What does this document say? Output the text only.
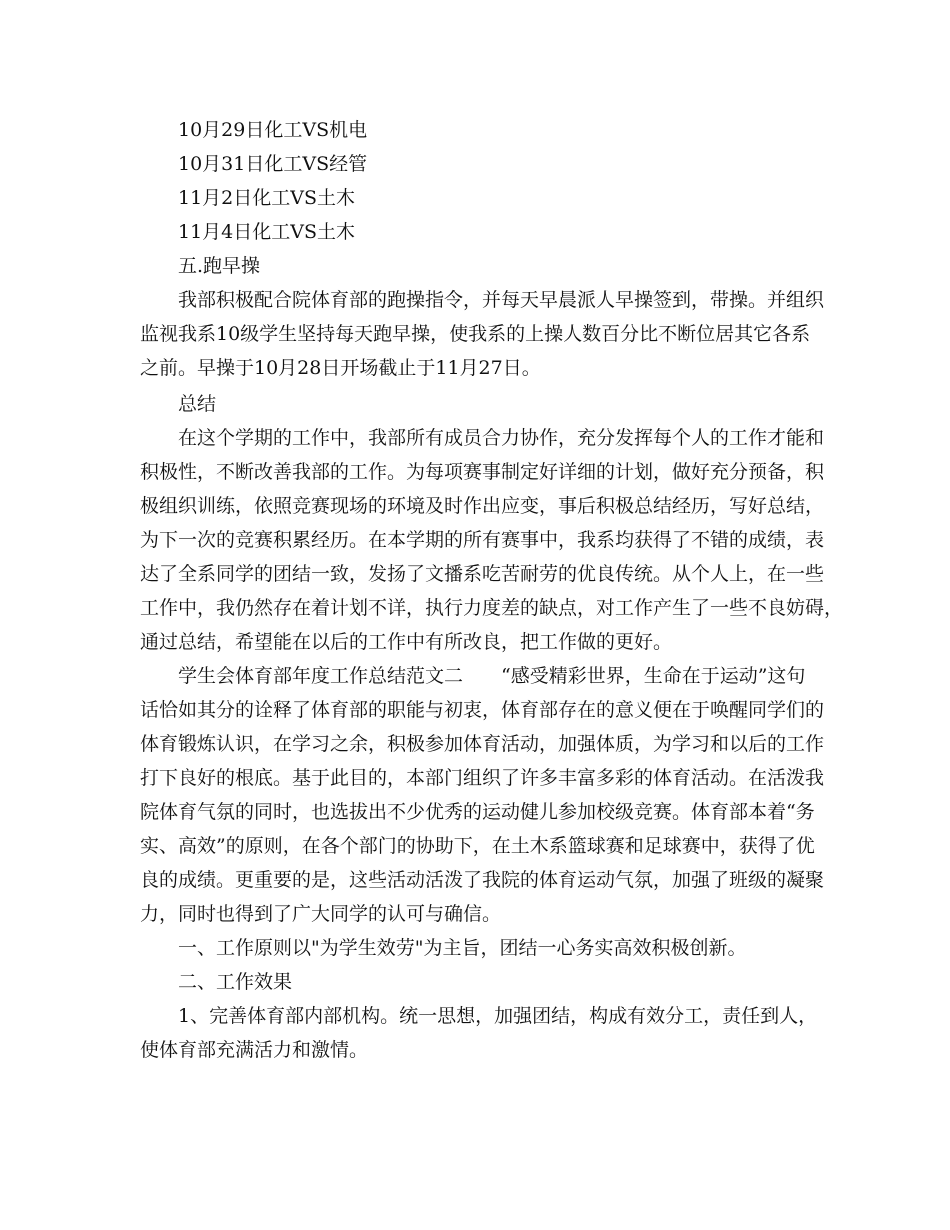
10月29日化工VS机电
10月31日化工VS经管
11月2日化工VS土木
11月4日化工VS土木
五.跑早操
我部积极配合院体育部的跑操指令，并每天早晨派人早操签到，带操。并组织
监视我系10级学生坚持每天跑早操，使我系的上操人数百分比不断位居其它各系
之前。早操于10月28日开场截止于11月27日。
总结
在这个学期的工作中，我部所有成员合力协作，充分发挥每个人的工作才能和
积极性，不断改善我部的工作。为每项赛事制定好详细的计划，做好充分预备，积
极组织训练，依照竞赛现场的环境及时作出应变，事后积极总结经历，写好总结，
为下一次的竞赛积累经历。在本学期的所有赛事中，我系均获得了不错的成绩，表
达了全系同学的团结一致，发扬了文播系吃苦耐劳的优良传统。从个人上，在一些
工作中，我仍然存在着计划不详，执行力度差的缺点，对工作产生了一些不良妨碍，
通过总结，希望能在以后的工作中有所改良，把工作做的更好。
学生会体育部年度工作总结范文二　　“感受精彩世界，生命在于运动”这句
话恰如其分的诠释了体育部的职能与初衷，体育部存在的意义便在于唤醒同学们的
体育锻炼认识，在学习之余，积极参加体育活动，加强体质，为学习和以后的工作
打下良好的根底。基于此目的，本部门组织了许多丰富多彩的体育活动。在活泼我
院体育气氛的同时，也选拔出不少优秀的运动健儿参加校级竞赛。体育部本着“务
实、高效”的原则，在各个部门的协助下，在土木系篮球赛和足球赛中，获得了优
良的成绩。更重要的是，这些活动活泼了我院的体育运动气氛，加强了班级的凝聚
力，同时也得到了广大同学的认可与确信。
一、工作原则以"为学生效劳"为主旨，团结一心务实高效积极创新。
二、工作效果
1、完善体育部内部机构。统一思想，加强团结，构成有效分工，责任到人，
使体育部充满活力和激情。
